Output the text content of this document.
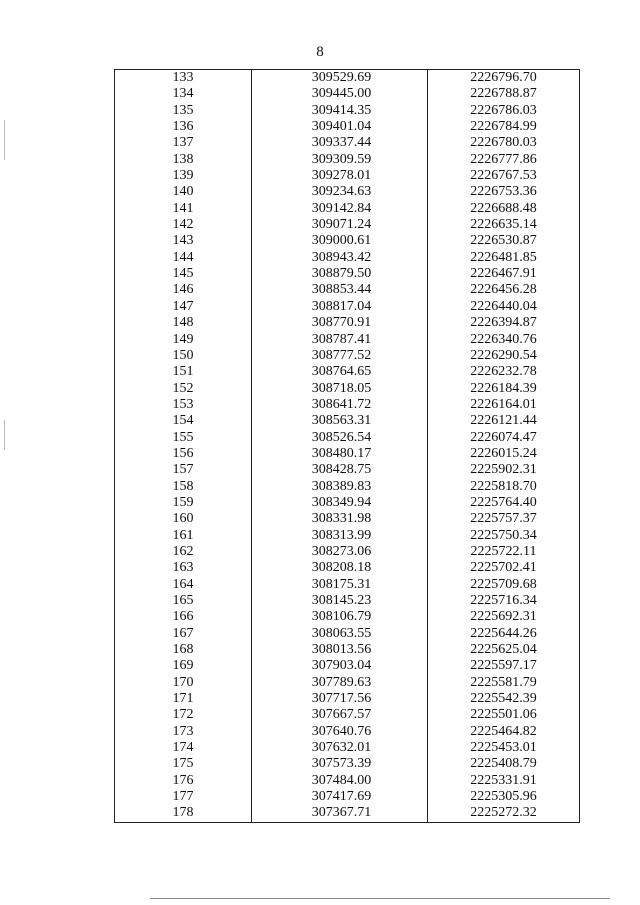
8
133	309529.69	2226796.70
134	309445.00	2226788.87
135	309414.35	2226786.03
136	309401.04	2226784.99
137	309337.44	2226780.03
138	309309.59	2226777.86
139	309278.01	2226767.53
140	309234.63	2226753.36
141	309142.84	2226688.48
142	309071.24	2226635.14
143	309000.61	2226530.87
144	308943.42	2226481.85
145	308879.50	2226467.91
146	308853.44	2226456.28
147	308817.04	2226440.04
148	308770.91	2226394.87
149	308787.41	2226340.76
150	308777.52	2226290.54
151	308764.65	2226232.78
152	308718.05	2226184.39
153	308641.72	2226164.01
154	308563.31	2226121.44
155	308526.54	2226074.47
156	308480.17	2226015.24
157	308428.75	2225902.31
158	308389.83	2225818.70
159	308349.94	2225764.40
160	308331.98	2225757.37
161	308313.99	2225750.34
162	308273.06	2225722.11
163	308208.18	2225702.41
164	308175.31	2225709.68
165	308145.23	2225716.34
166	308106.79	2225692.31
167	308063.55	2225644.26
168	308013.56	2225625.04
169	307903.04	2225597.17
170	307789.63	2225581.79
171	307717.56	2225542.39
172	307667.57	2225501.06
173	307640.76	2225464.82
174	307632.01	2225453.01
175	307573.39	2225408.79
176	307484.00	2225331.91
177	307417.69	2225305.96
178	307367.71	2225272.32
